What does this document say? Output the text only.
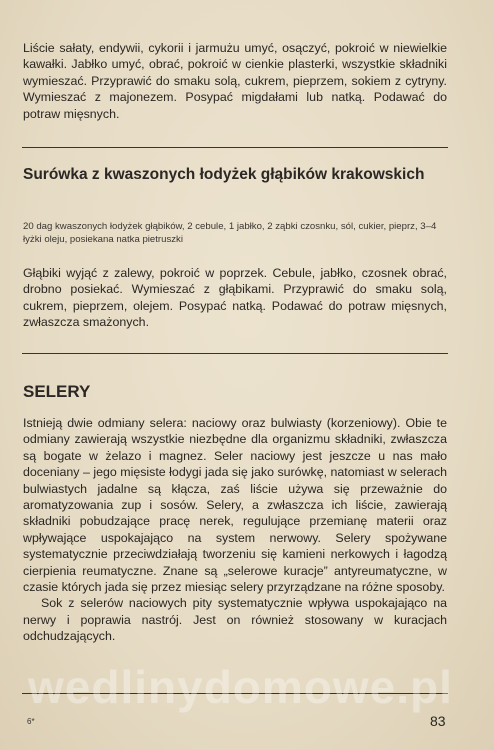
Liście sałaty, endywii, cykorii i jarmużu umyć, osączyć, pokroić w niewielkie kawałki. Jabłko umyć, obrać, pokroić w cienkie plasterki, wszystkie składniki wymieszać. Przyprawić do smaku solą, cukrem, pieprzem, sokiem z cytryny. Wymieszać z majonezem. Posypać migdałami lub natką. Podawać do potraw mięsnych.

Surówka z kwaszonych łodyżek głąbików krakowskich

20 dag kwaszonych łodyżek głąbików, 2 cebule, 1 jabłko, 2 ząbki czosnku, sól, cukier, pieprz, 3–4 łyżki oleju, posiekana natka pietruszki

Głąbiki wyjąć z zalewy, pokroić w poprzek. Cebule, jabłko, czosnek obrać, drobno posiekać. Wymieszać z głąbikami. Przyprawić do smaku solą, cukrem, pieprzem, olejem. Posypać natką. Podawać do potraw mięsnych, zwłaszcza smażonych.

SELERY

Istnieją dwie odmiany selera: naciowy oraz bulwiasty (korzeniowy). Obie te odmiany zawierają wszystkie niezbędne dla organizmu składniki, zwłaszcza są bogate w żelazo i magnez. Seler naciowy jest jeszcze u nas mało doceniany – jego mięsiste łodygi jada się jako surówkę, natomiast w selerach bulwiastych jadalne są kłącza, zaś liście używa się przeważnie do aromatyzowania zup i sosów. Selery, a zwłaszcza ich liście, zawierają składniki pobudzające pracę nerek, regulujące przemianę materii oraz wpływające uspokajająco na system nerwowy. Selery spożywane systematycznie przeciwdziałają tworzeniu się kamieni nerkowych i łagodzą cierpienia reumatyczne. Znane są „selerowe kuracje” antyreumatyczne, w czasie których jada się przez miesiąc selery przyrządzane na różne sposoby.

Sok z selerów naciowych pity systematycznie wpływa uspokajająco na nerwy i poprawia nastrój. Jest on również stosowany w kuracjach odchudzających.

wedlinydomowe.pl
6*	83
